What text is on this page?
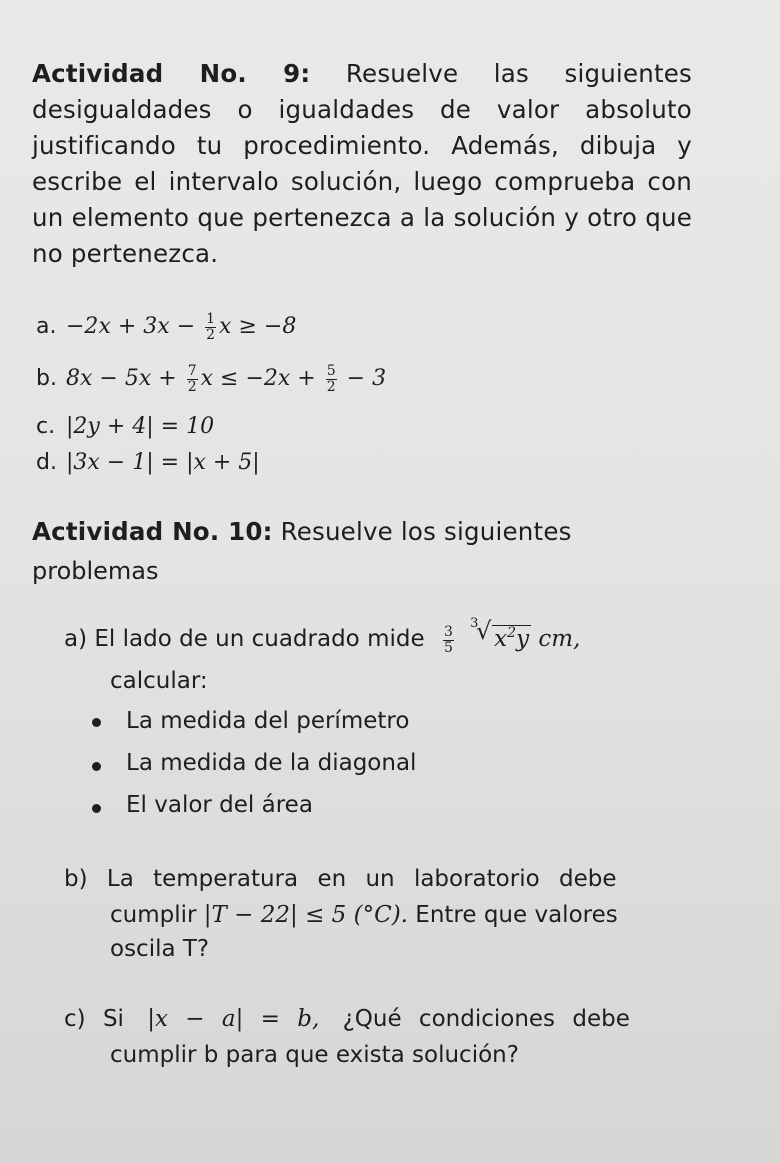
Actividad No. 9: Resuelve las siguientes desigualdades o igualdades de valor absoluto justificando tu procedimiento. Además, dibuja y escribe el intervalo solución, luego comprueba con un elemento que pertenezca a la solución y otro que no pertenezca.
a. $-2x + 3x - \frac{1}{2}$ x ≥ −8
b. $8x - 5x + \frac{7}{2}$ $x \le -2x + \frac{5}{2} - 3$
c. |2y + 4| = 10
d. |3x − 1| = |x + 5|
Actividad No. 10: Resuelve los siguientes
problemas
a) El lado de un cuadrado mide $\frac{3}{5}$

3
√ $x^2y$ cm,
calcular:
La medida del perímetro
La medida de la diagonal
El valor del área
b) La temperatura en un laboratorio debe
cumplir |T − 22| ≤ 5 (°C). Entre que valores
oscila T?
c) Si |x − a| = b, ¿Qué condiciones debe
cumplir b para que exista solución?
